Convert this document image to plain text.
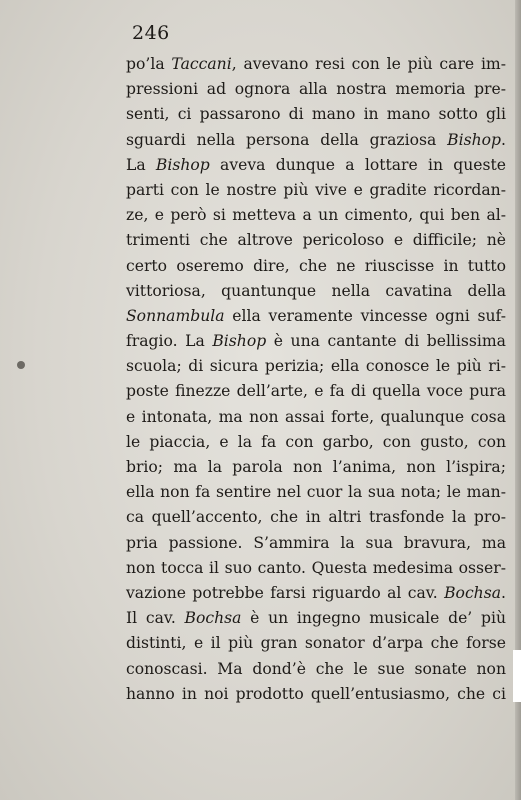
246
po’la Taccani, avevano resi con le più care im-
pressioni ad ognora alla nostra memoria pre-
senti, ci passarono di mano in mano sotto gli
sguardi nella persona della graziosa Bishop.
La Bishop aveva dunque a lottare in queste
parti con le nostre più vive e gradite ricordan-
ze, e però si metteva a un cimento, qui ben al-
trimenti che altrove pericoloso e difficile; nè
certo oseremo dire, che ne riuscisse in tutto
vittoriosa, quantunque nella cavatina della
Sonnambula ella veramente vincesse ogni suf-
fragio. La Bishop è una cantante di bellissima
scuola; di sicura perizia; ella conosce le più ri-
poste finezze dell’arte, e fa di quella voce pura
e intonata, ma non assai forte, qualunque cosa
le piaccia, e la fa con garbo, con gusto, con
brio; ma la parola non l’anima, non l’ispira;
ella non fa sentire nel cuor la sua nota; le man-
ca quell’accento, che in altri trasfonde la pro-
pria passione. S’ammira la sua bravura, ma
non tocca il suo canto. Questa medesima osser-
vazione potrebbe farsi riguardo al cav. Bochsa.
Il cav. Bochsa è un ingegno musicale de’ più
distinti, e il più gran sonator d’arpa che forse
conoscasi. Ma dond’è che le sue sonate non
hanno in noi prodotto quell’entusiasmo, che ci
